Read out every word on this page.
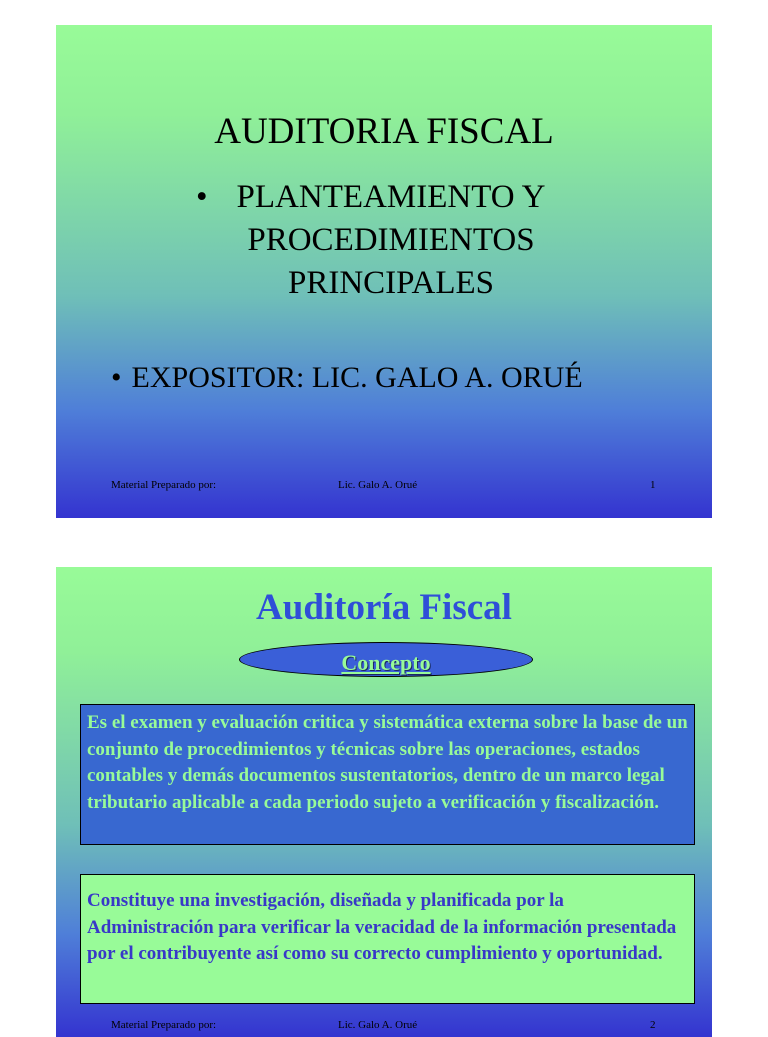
AUDITORIA FISCAL
• PLANTEAMIENTO Y PROCEDIMIENTOS PRINCIPALES
• EXPOSITOR: LIC. GALO A. ORUÉ
Material Preparado por:	Lic. Galo A. Orué	1
Auditoría Fiscal
Concepto
Es el examen y evaluación critica y sistemática externa sobre la base de un conjunto de procedimientos y técnicas sobre las operaciones, estados contables y demás documentos sustentatorios, dentro de un marco legal tributario aplicable a cada periodo sujeto a verificación y fiscalización.
Constituye una investigación, diseñada y planificada por la Administración para verificar la veracidad de la información presentada por el contribuyente así como su correcto cumplimiento y oportunidad.
Material Preparado por:	Lic. Galo A. Orué	2
